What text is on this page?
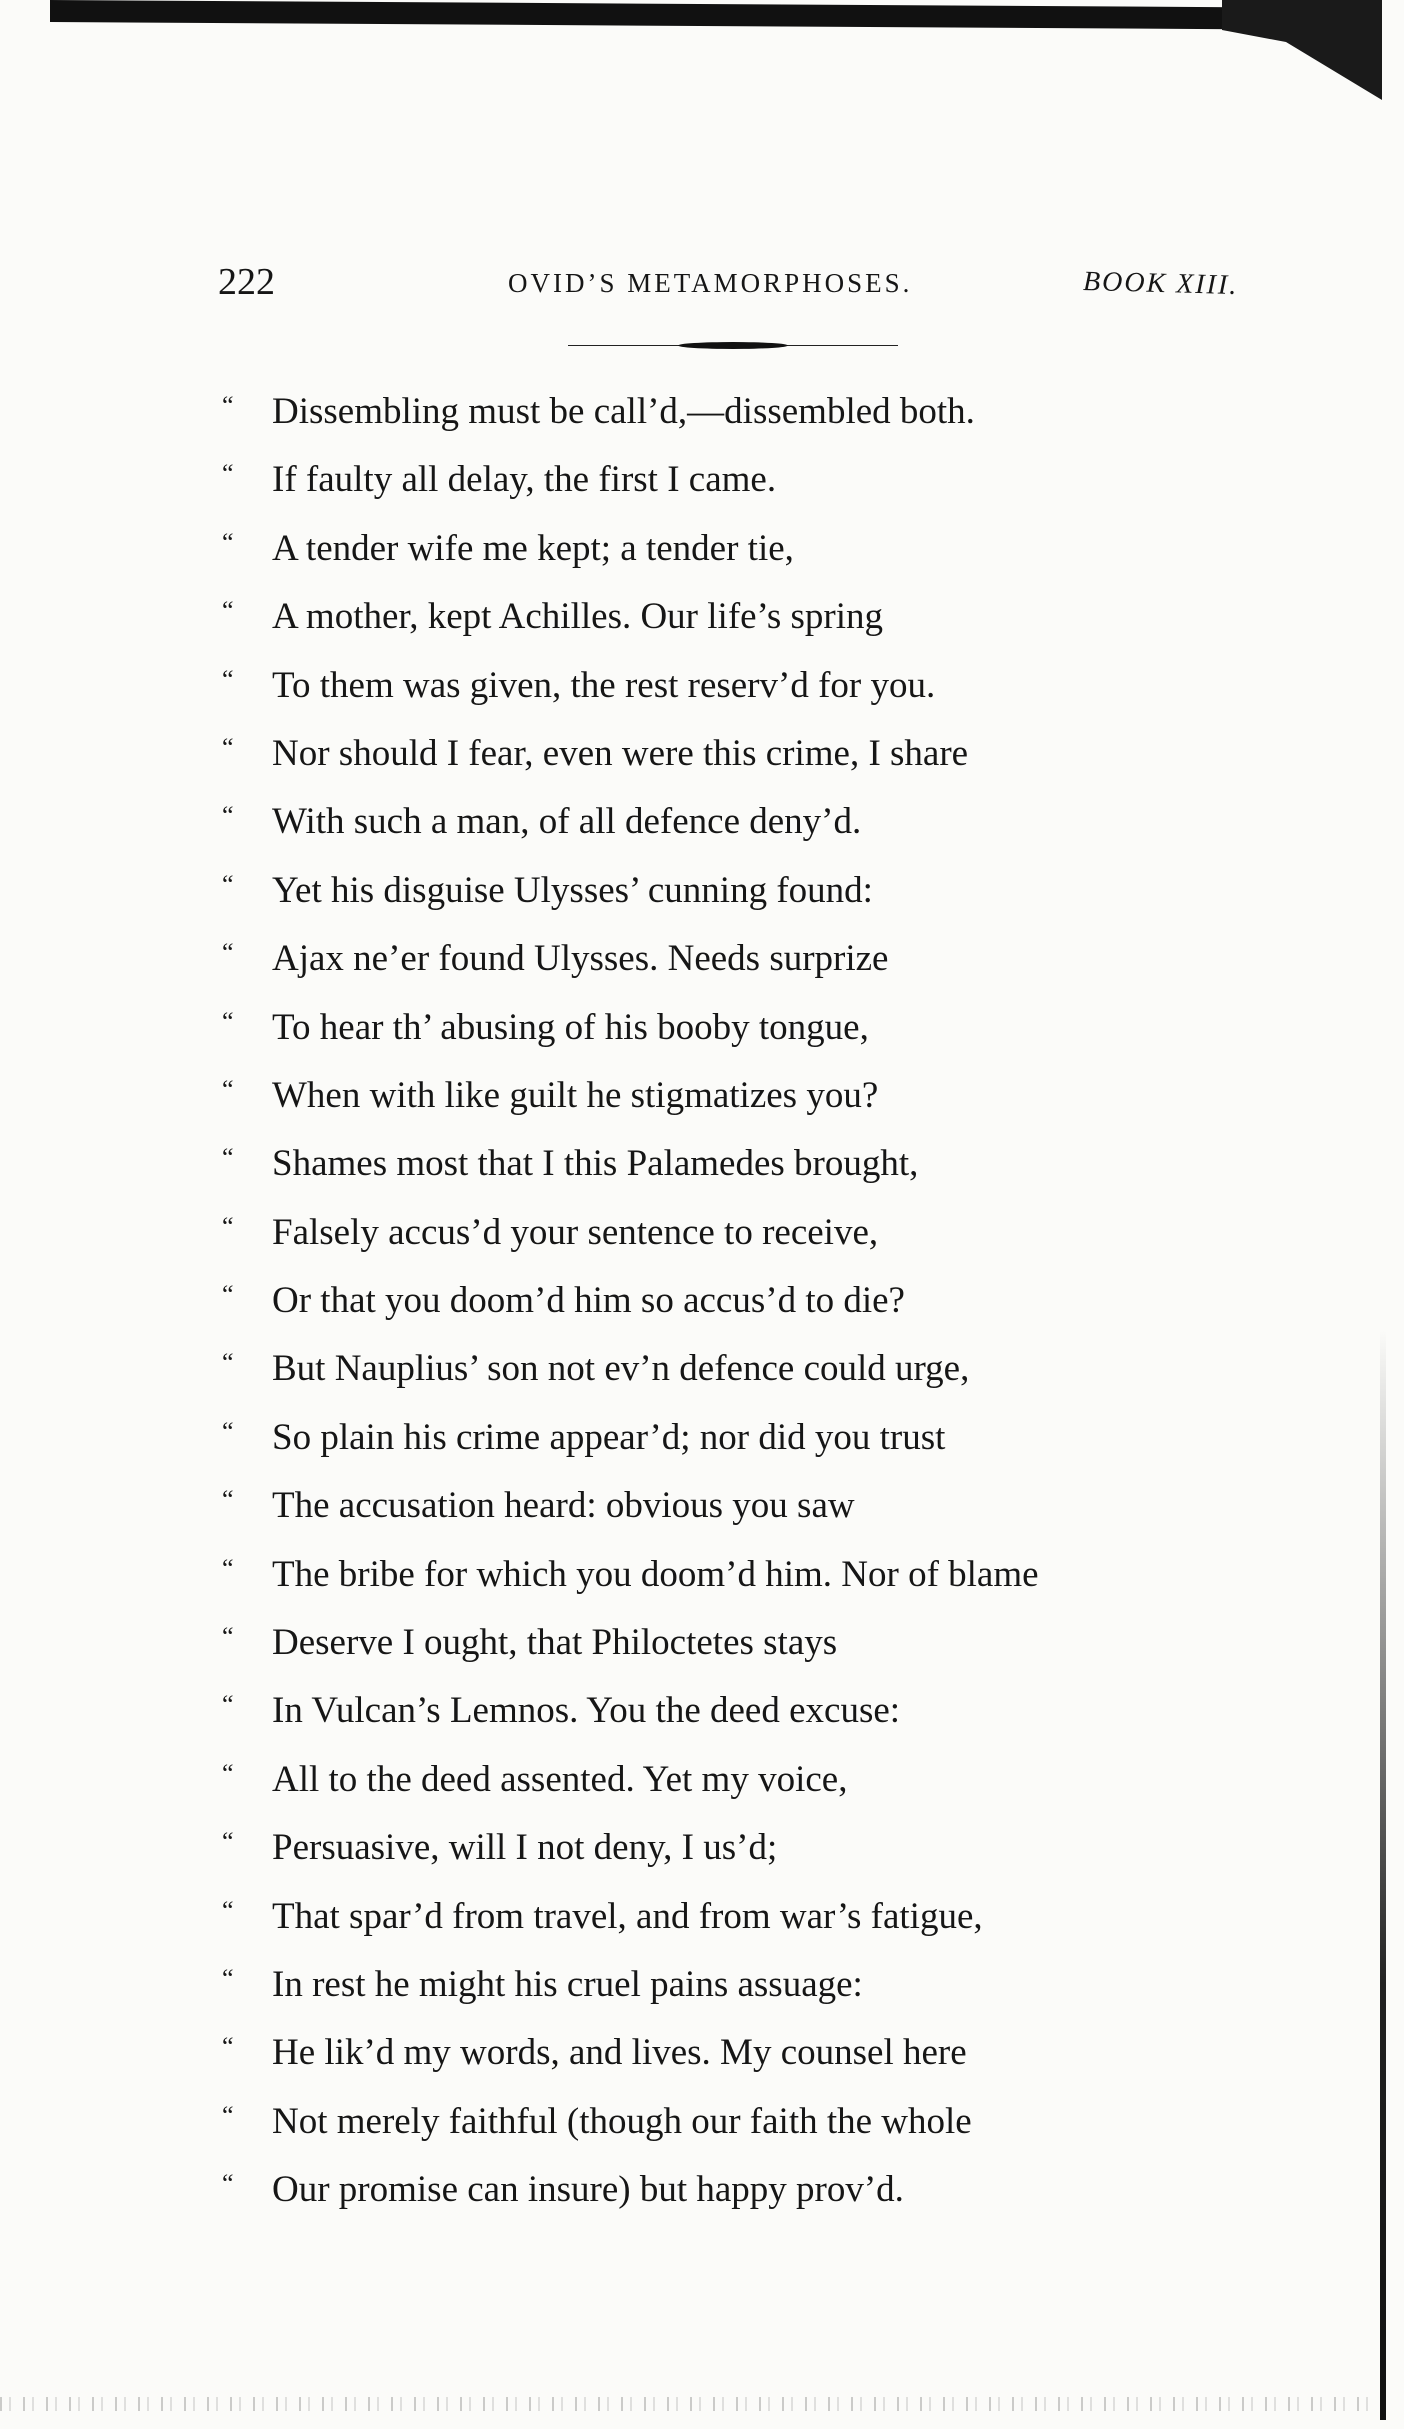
222	OVID’S METAMORPHOSES.	BOOK XIII.
“	Dissembling must be call’d,—dissembled both.
“	If faulty all delay, the first I came.
“	A tender wife me kept; a tender tie,
“	A mother, kept Achilles. Our life’s spring
“	To them was given, the rest reserv’d for you.
“	Nor should I fear, even were this crime, I share
“	With such a man, of all defence deny’d.
“	Yet his disguise Ulysses’ cunning found:
“	Ajax ne’er found Ulysses. Needs surprize
“	To hear th’ abusing of his booby tongue,
“	When with like guilt he stigmatizes you?
“	Shames most that I this Palamedes brought,
“	Falsely accus’d your sentence to receive,
“	Or that you doom’d him so accus’d to die?
“	But Nauplius’ son not ev’n defence could urge,
“	So plain his crime appear’d; nor did you trust
“	The accusation heard: obvious you saw
“	The bribe for which you doom’d him. Nor of blame
“	Deserve I ought, that Philoctetes stays
“	In Vulcan’s Lemnos. You the deed excuse:
“	All to the deed assented. Yet my voice,
“	Persuasive, will I not deny, I us’d;
“	That spar’d from travel, and from war’s fatigue,
“	In rest he might his cruel pains assuage:
“	He lik’d my words, and lives. My counsel here
“	Not merely faithful (though our faith the whole
“	Our promise can insure) but happy prov’d.
